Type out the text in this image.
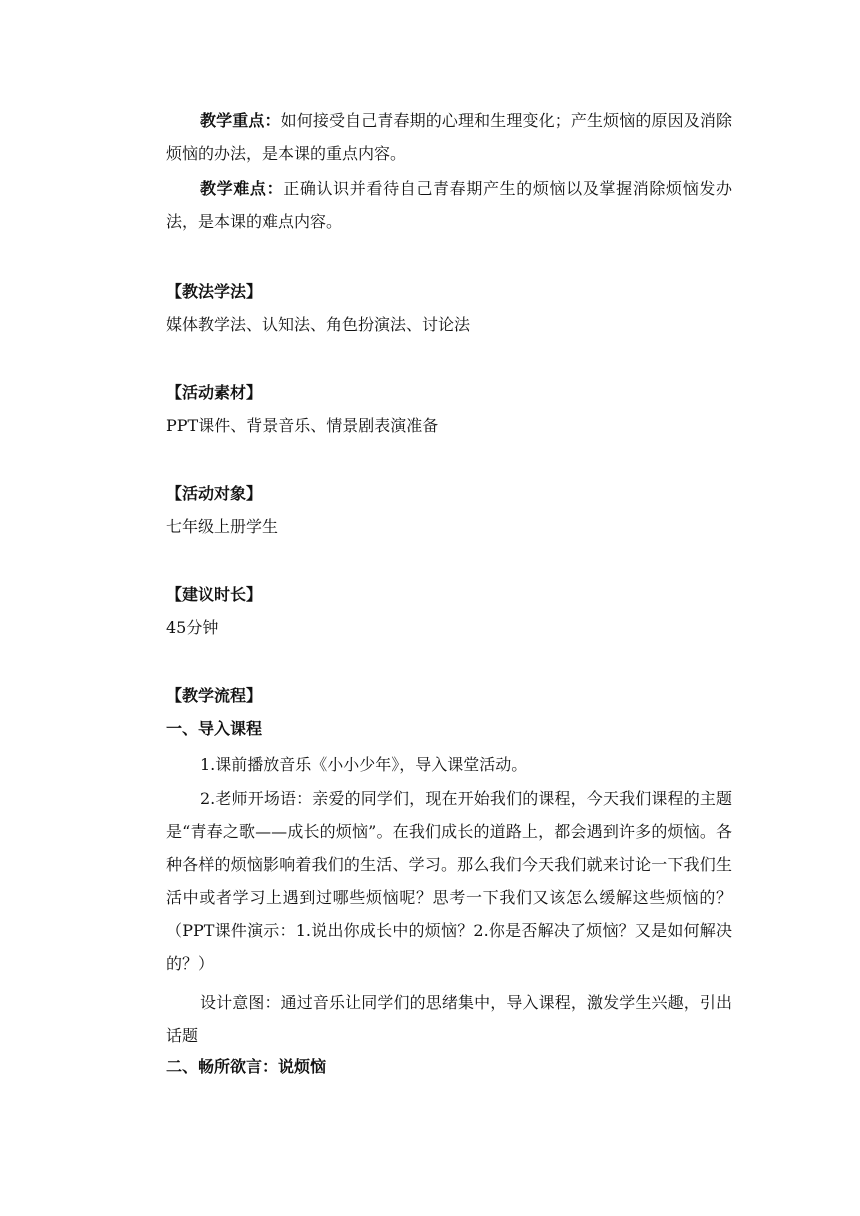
教学重点：如何接受自己青春期的心理和生理变化；产生烦恼的原因及消除烦恼的办法，是本课的重点内容。

教学难点：正确认识并看待自己青春期产生的烦恼以及掌握消除烦恼发办法，是本课的难点内容。

【教法学法】

媒体教学法、认知法、角色扮演法、讨论法

【活动素材】

PPT课件、背景音乐、情景剧表演准备

【活动对象】

七年级上册学生

【建议时长】

45分钟

【教学流程】

一、导入课程

1.课前播放音乐《小小少年》，导入课堂活动。

2.老师开场语：亲爱的同学们，现在开始我们的课程，今天我们课程的主题是“青春之歌——成长的烦恼”。在我们成长的道路上，都会遇到许多的烦恼。各种各样的烦恼影响着我们的生活、学习。那么我们今天我们就来讨论一下我们生活中或者学习上遇到过哪些烦恼呢？思考一下我们又该怎么缓解这些烦恼的？（PPT课件演示：1.说出你成长中的烦恼？2.你是否解决了烦恼？又是如何解决的？）

设计意图：通过音乐让同学们的思绪集中，导入课程，激发学生兴趣，引出话题

二、畅所欲言：说烦恼
